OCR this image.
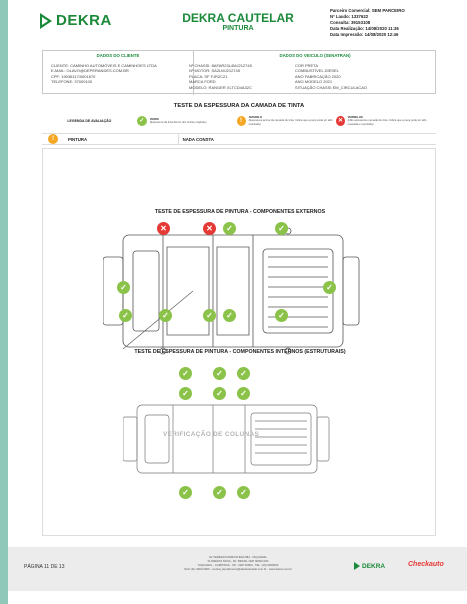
DEKRA	DEKRA CAUTELAR
PINTURA
Parceiro Comercial: SEM PARCEIRO
Nº Laudo: 1337622
Consulta: 39153108
Data Realização: 14/08/2020 11:36
Data Impressão: 14/08/2020 12:46
DADOS DO CLIENTE	DADOS DO VEICULO (SENATRAN)
CLIENTE: CAMINHO AUTOMÓVEIS E CAMINHOES LTDA
E-MAIL: OLAVO@DEPERANDES.COM.BR
CPF: 19036117/0001670
TELEFONE: 37000100
Nº CHASSI: 8AFAR23L4MJ212745
Nº MOTOR: SA2LMJ212745
PLACA: SF FJR2C21
MARCA FORD
MODELO: RANGER XLTCD4A32C
COR PRETA
COMBUSTÍVEL DIESEL
ANO FABRICAÇÃO 2020
ANO MODELO 2021
SITUAÇÃO CHASSI EM_CIRCULACAO
TESTE DA ESPESSURA DA CAMADA DE TINTA
LEGENDA DE AVALIAÇÃO	✓	VERDE
(Espessura da tinta dentro dos limites originais)	!
AMARELO
(Espessura acima da camada de tinta. Indica que a peça pode ter sido repintada)
✕
VERMELHO
(Não apresentou camada de tinta. Indica que a peça pode ter sido reparada e repintada)
!	PINTURA	NADA CONSTA
TESTE DE ESPESSURA DE PINTURA - COMPONENTES EXTERNOS
✕	✕	✓	✓
✓	✓
✓	✓	✓	✓	✓
TESTE DE ESPESSURA DE PINTURA - COMPONENTES INTERNOS (ESTRUTURAIS)
✓	✓	✓
✓	✓	✓
VERIFICAÇÃO DE COLUNAS
✓	✓	✓
PÁGINA 11 DE 13
AV VEREDAS PERUSTERA 984 - TAQUARAL
FLORESTA NOVA - RJ, BRASIL CEP 00000-000
TAQUARAL - CAMPINAS - SP - CEP 00000 - TEL: (19) 0000000
SAC (11) 4000-0000 - central_atendimento@dekracautelar.com.br - www.dekra.com.br	DEKRA	Checkauto
